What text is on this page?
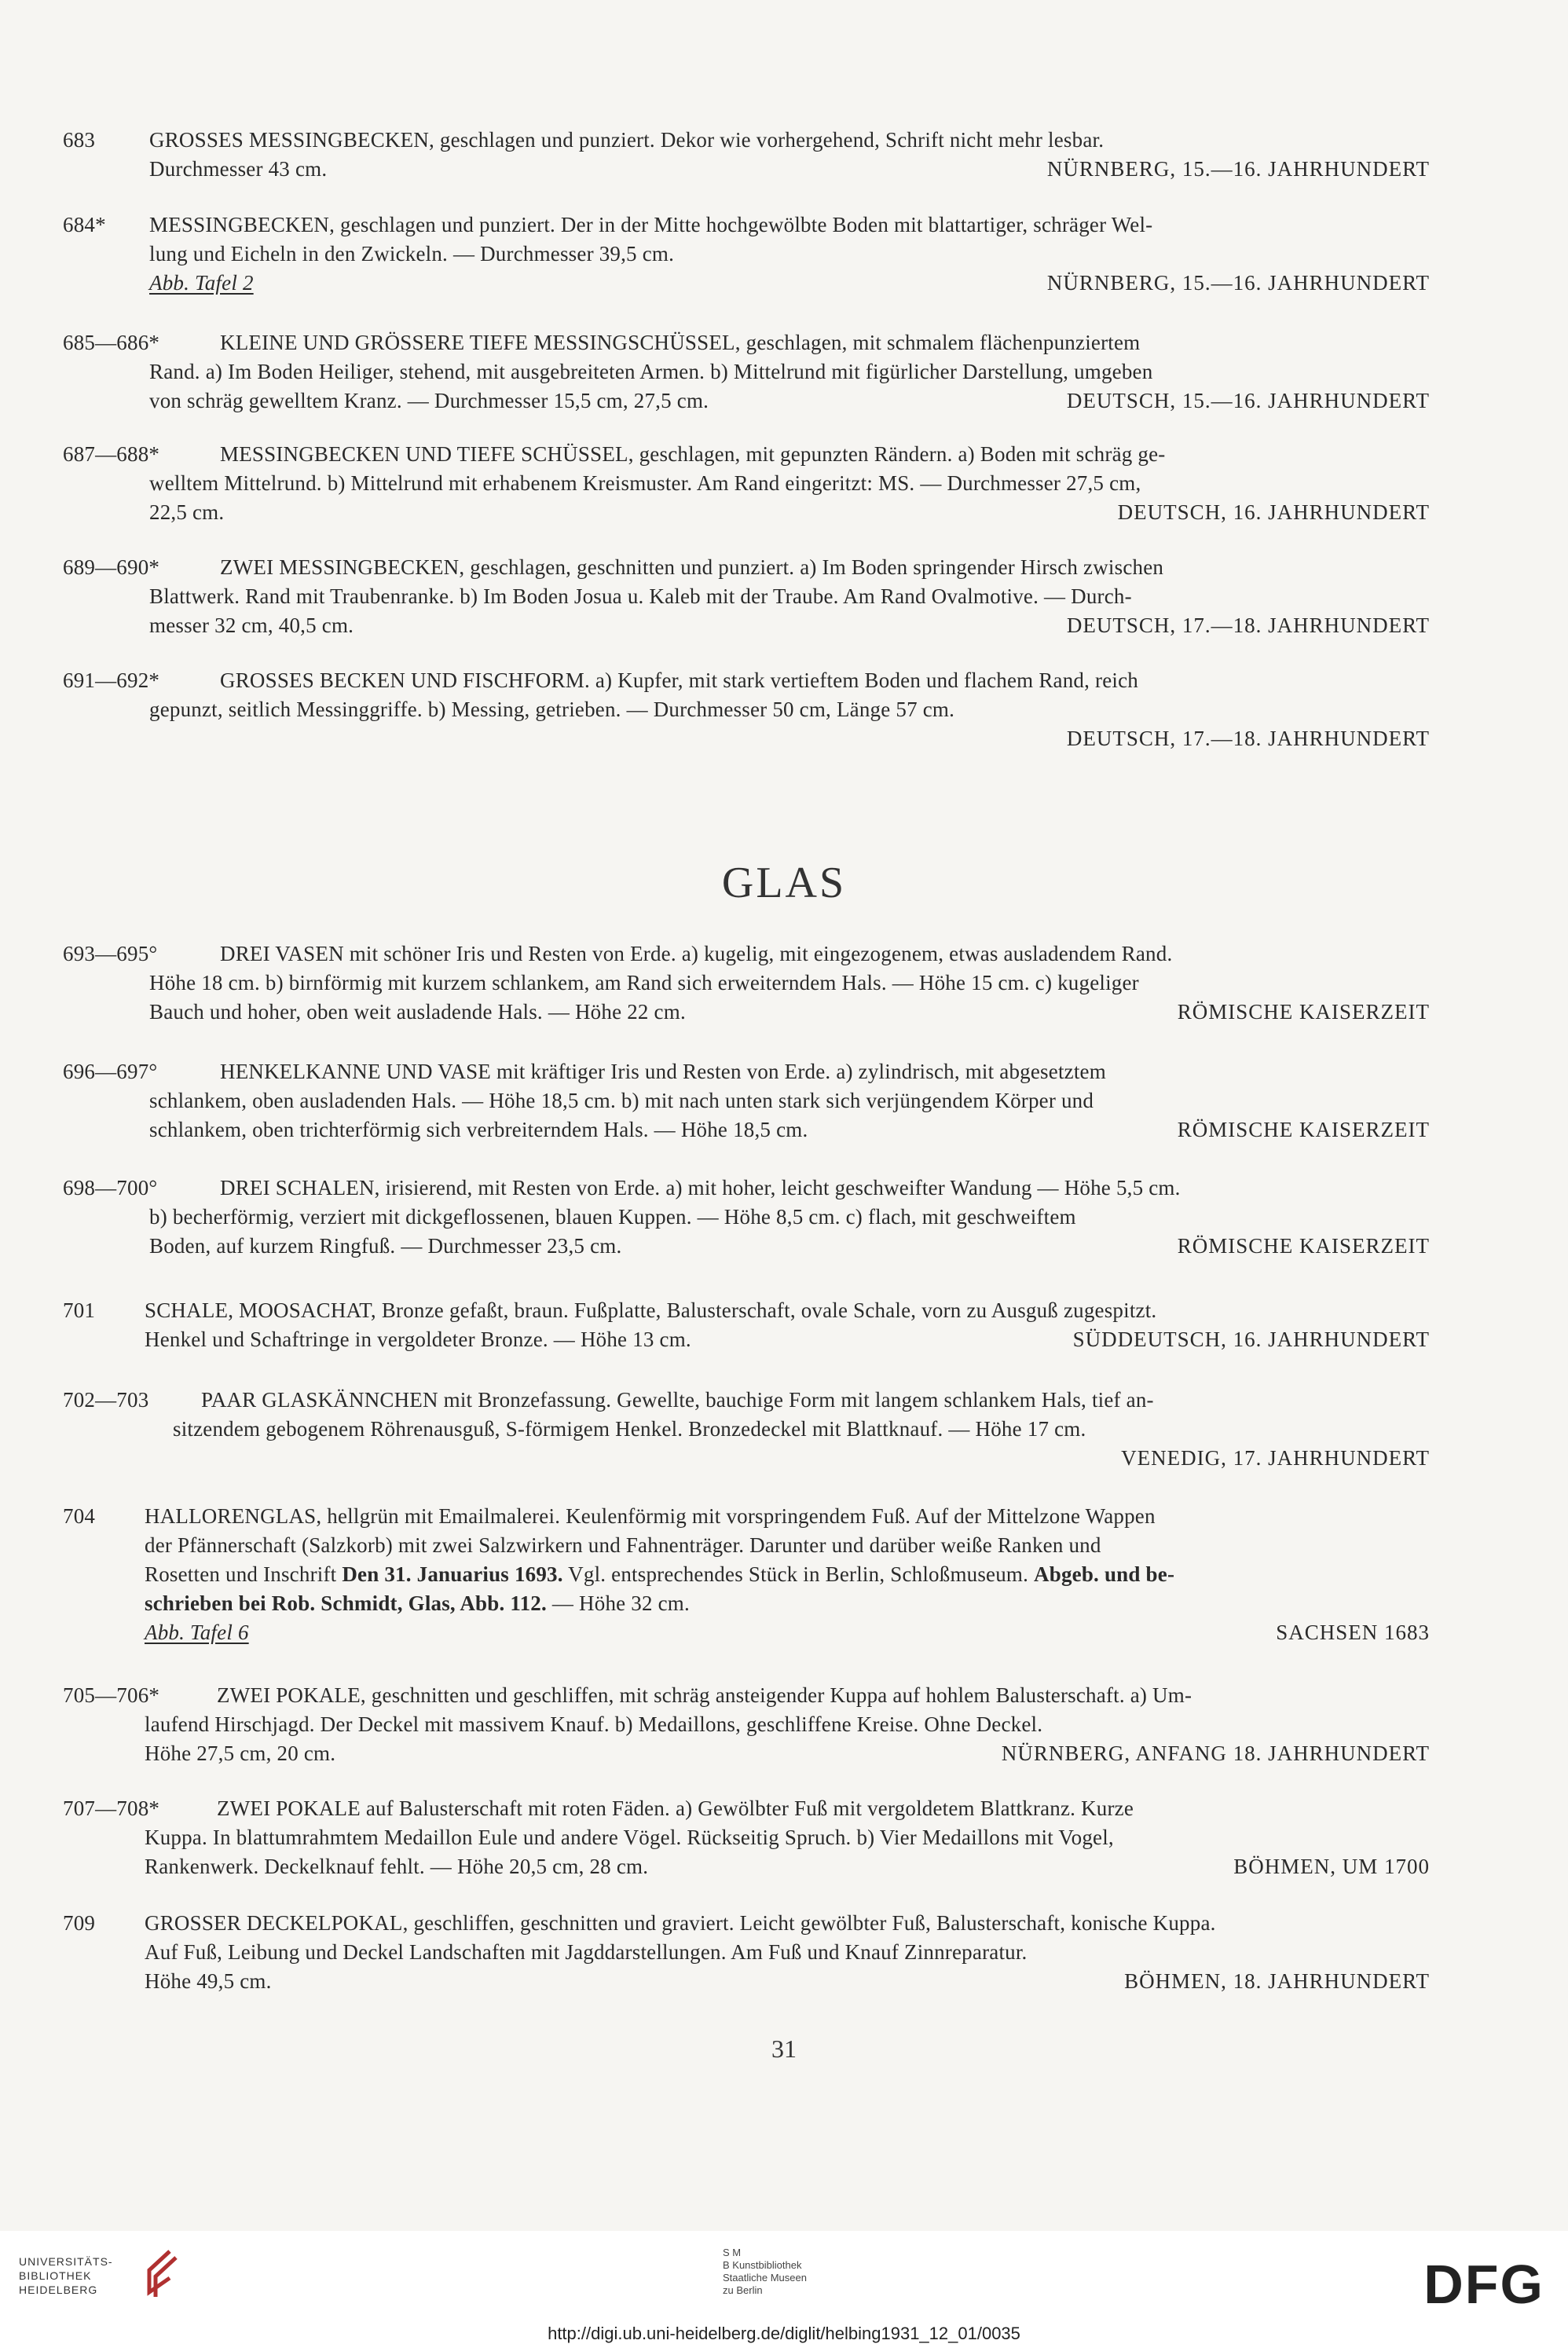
683	GROSSES MESSINGBECKEN, geschlagen und punziert. Dekor wie vorhergehend, Schrift nicht mehr lesbar.
Durchmesser 43 cm.	NÜRNBERG, 15.—16. JAHRHUNDERT
684* MESSINGBECKEN, geschlagen und punziert. Der in der Mitte hochgewölbte Boden mit blattartiger, schräger Wel-
lung und Eicheln in den Zwickeln. — Durchmesser 39,5 cm.
Abb. Tafel 2	NÜRNBERG, 15.—16. JAHRHUNDERT
685—686*	KLEINE UND GRÖSSERE TIEFE MESSINGSCHÜSSEL, geschlagen, mit schmalem flächenpunziertem
Rand. a) Im Boden Heiliger, stehend, mit ausgebreiteten Armen. b) Mittelrund mit figürlicher Darstellung, umgeben
von schräg gewelltem Kranz. — Durchmesser 15,5 cm, 27,5 cm.	DEUTSCH, 15.—16. JAHRHUNDERT
687—688*	MESSINGBECKEN UND TIEFE SCHÜSSEL, geschlagen, mit gepunzten Rändern. a) Boden mit schräg ge-
welltem Mittelrund. b) Mittelrund mit erhabenem Kreismuster. Am Rand eingeritzt: MS. — Durchmesser 27,5 cm,
22,5 cm.	DEUTSCH, 16. JAHRHUNDERT
689—690*	ZWEI MESSINGBECKEN, geschlagen, geschnitten und punziert. a) Im Boden springender Hirsch zwischen
Blattwerk. Rand mit Traubenranke. b) Im Boden Josua u. Kaleb mit der Traube. Am Rand Ovalmotive. — Durch-
messer 32 cm, 40,5 cm.	DEUTSCH, 17.—18. JAHRHUNDERT
691—692*	GROSSES BECKEN UND FISCHFORM. a) Kupfer, mit stark vertieftem Boden und flachem Rand, reich
gepunzt, seitlich Messinggriffe. b) Messing, getrieben. — Durchmesser 50 cm, Länge 57 cm.
DEUTSCH, 17.—18. JAHRHUNDERT
GLAS
693—695°	DREI VASEN mit schöner Iris und Resten von Erde. a) kugelig, mit eingezogenem, etwas ausladendem Rand.
Höhe 18 cm. b) birnförmig mit kurzem schlankem, am Rand sich erweiterndem Hals. — Höhe 15 cm. c) kugeliger
Bauch und hoher, oben weit ausladende Hals. — Höhe 22 cm.	RÖMISCHE KAISERZEIT
696—697°	HENKELKANNE UND VASE mit kräftiger Iris und Resten von Erde. a) zylindrisch, mit abgesetztem
schlankem, oben ausladenden Hals. — Höhe 18,5 cm. b) mit nach unten stark sich verjüngendem Körper und
schlankem, oben trichterförmig sich verbreiterndem Hals. — Höhe 18,5 cm.	RÖMISCHE KAISERZEIT
698—700°	DREI SCHALEN, irisierend, mit Resten von Erde. a) mit hoher, leicht geschweifter Wandung — Höhe 5,5 cm.
b) becherförmig, verziert mit dickgeflossenen, blauen Kuppen. — Höhe 8,5 cm. c) flach, mit geschweiftem
Boden, auf kurzem Ringfuß. — Durchmesser 23,5 cm.	RÖMISCHE KAISERZEIT
701 SCHALE, MOOSACHAT, Bronze gefaßt, braun. Fußplatte, Balusterschaft, ovale Schale, vorn zu Ausguß zugespitzt.
Henkel und Schaftringe in vergoldeter Bronze. — Höhe 13 cm.	SÜDDEUTSCH, 16. JAHRHUNDERT
702—703 PAAR GLASKÄNNCHEN mit Bronzefassung. Gewellte, bauchige Form mit langem schlankem Hals, tief an-
sitzendem gebogenem Röhrenausguß, S-förmigem Henkel. Bronzedeckel mit Blattknauf. — Höhe 17 cm.
VENEDIG, 17. JAHRHUNDERT
704 HALLORENGLAS, hellgrün mit Emailmalerei. Keulenförmig mit vorspringendem Fuß. Auf der Mittelzone Wappen
der Pfännerschaft (Salzkorb) mit zwei Salzwirkern und Fahnenträger. Darunter und darüber weiße Ranken und
Rosetten und Inschrift Den 31. Januarius 1693. Vgl. entsprechendes Stück in Berlin, Schloßmuseum. Abgeb. und be-
schrieben bei Rob. Schmidt, Glas, Abb. 112. — Höhe 32 cm.
Abb. Tafel 6	SACHSEN 1683
705—706*	ZWEI POKALE, geschnitten und geschliffen, mit schräg ansteigender Kuppa auf hohlem Balusterschaft. a) Um-
laufend Hirschjagd. Der Deckel mit massivem Knauf. b) Medaillons, geschliffene Kreise. Ohne Deckel.
Höhe 27,5 cm, 20 cm.	NÜRNBERG, ANFANG 18. JAHRHUNDERT
707—708*	ZWEI POKALE auf Balusterschaft mit roten Fäden. a) Gewölbter Fuß mit vergoldetem Blattkranz. Kurze
Kuppa. In blattumrahmtem Medaillon Eule und andere Vögel. Rückseitig Spruch. b) Vier Medaillons mit Vogel,
Rankenwerk. Deckelknauf fehlt. — Höhe 20,5 cm, 28 cm.	BÖHMEN, UM 1700
709 GROSSER DECKELPOKAL, geschliffen, geschnitten und graviert. Leicht gewölbter Fuß, Balusterschaft, konische Kuppa.
Auf Fuß, Leibung und Deckel Landschaften mit Jagddarstellungen. Am Fuß und Knauf Zinnreparatur.
Höhe 49,5 cm.	BÖHMEN, 18. JAHRHUNDERT
31
UNIVERSITÄTS-
BIBLIOTHEK
HEIDELBERG
S M
B Kunstbibliothek
Staatliche Museen
zu Berlin	DFG
http://digi.ub.uni-heidelberg.de/diglit/helbing1931_12_01/0035
